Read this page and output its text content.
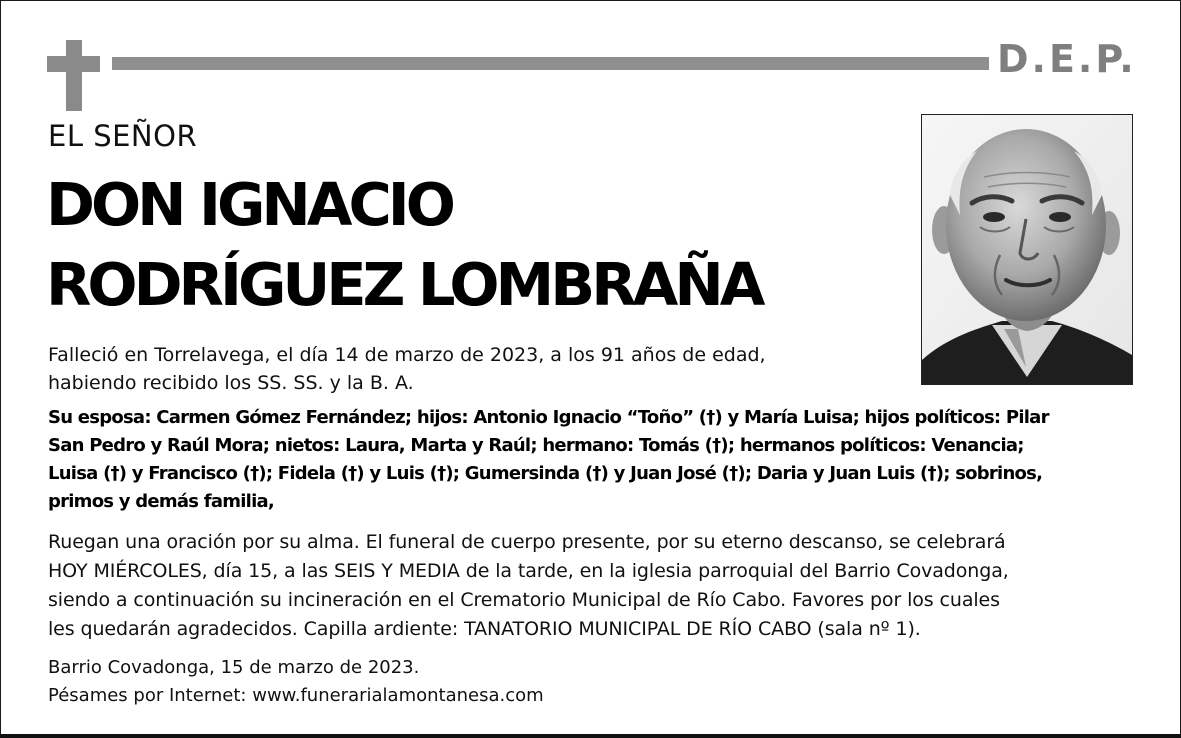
D.E.P.
EL SEÑOR
DON IGNACIO
RODRÍGUEZ LOMBRAÑA
Falleció en Torrelavega, el día 14 de marzo de 2023, a los 91 años de edad,
habiendo recibido los SS. SS. y la B. A.
Su esposa: Carmen Gómez Fernández; hijos: Antonio Ignacio “Toño” (†) y María Luisa; hijos políticos: Pilar
San Pedro y Raúl Mora; nietos: Laura, Marta y Raúl; hermano: Tomás (†); hermanos políticos: Venancia;
Luisa (†) y Francisco (†); Fidela (†) y Luis (†); Gumersinda (†) y Juan José (†); Daria y Juan Luis (†); sobrinos,
primos y demás familia,
Ruegan una oración por su alma. El funeral de cuerpo presente, por su eterno descanso, se celebrará
HOY MIÉRCOLES, día 15, a las SEIS Y MEDIA de la tarde, en la iglesia parroquial del Barrio Covadonga,
siendo a continuación su incineración en el Crematorio Municipal de Río Cabo. Favores por los cuales
les quedarán agradecidos. Capilla ardiente: TANATORIO MUNICIPAL DE RÍO CABO (sala nº 1).
Barrio Covadonga, 15 de marzo de 2023.
Pésames por Internet: www.funerarialamontanesa.com
